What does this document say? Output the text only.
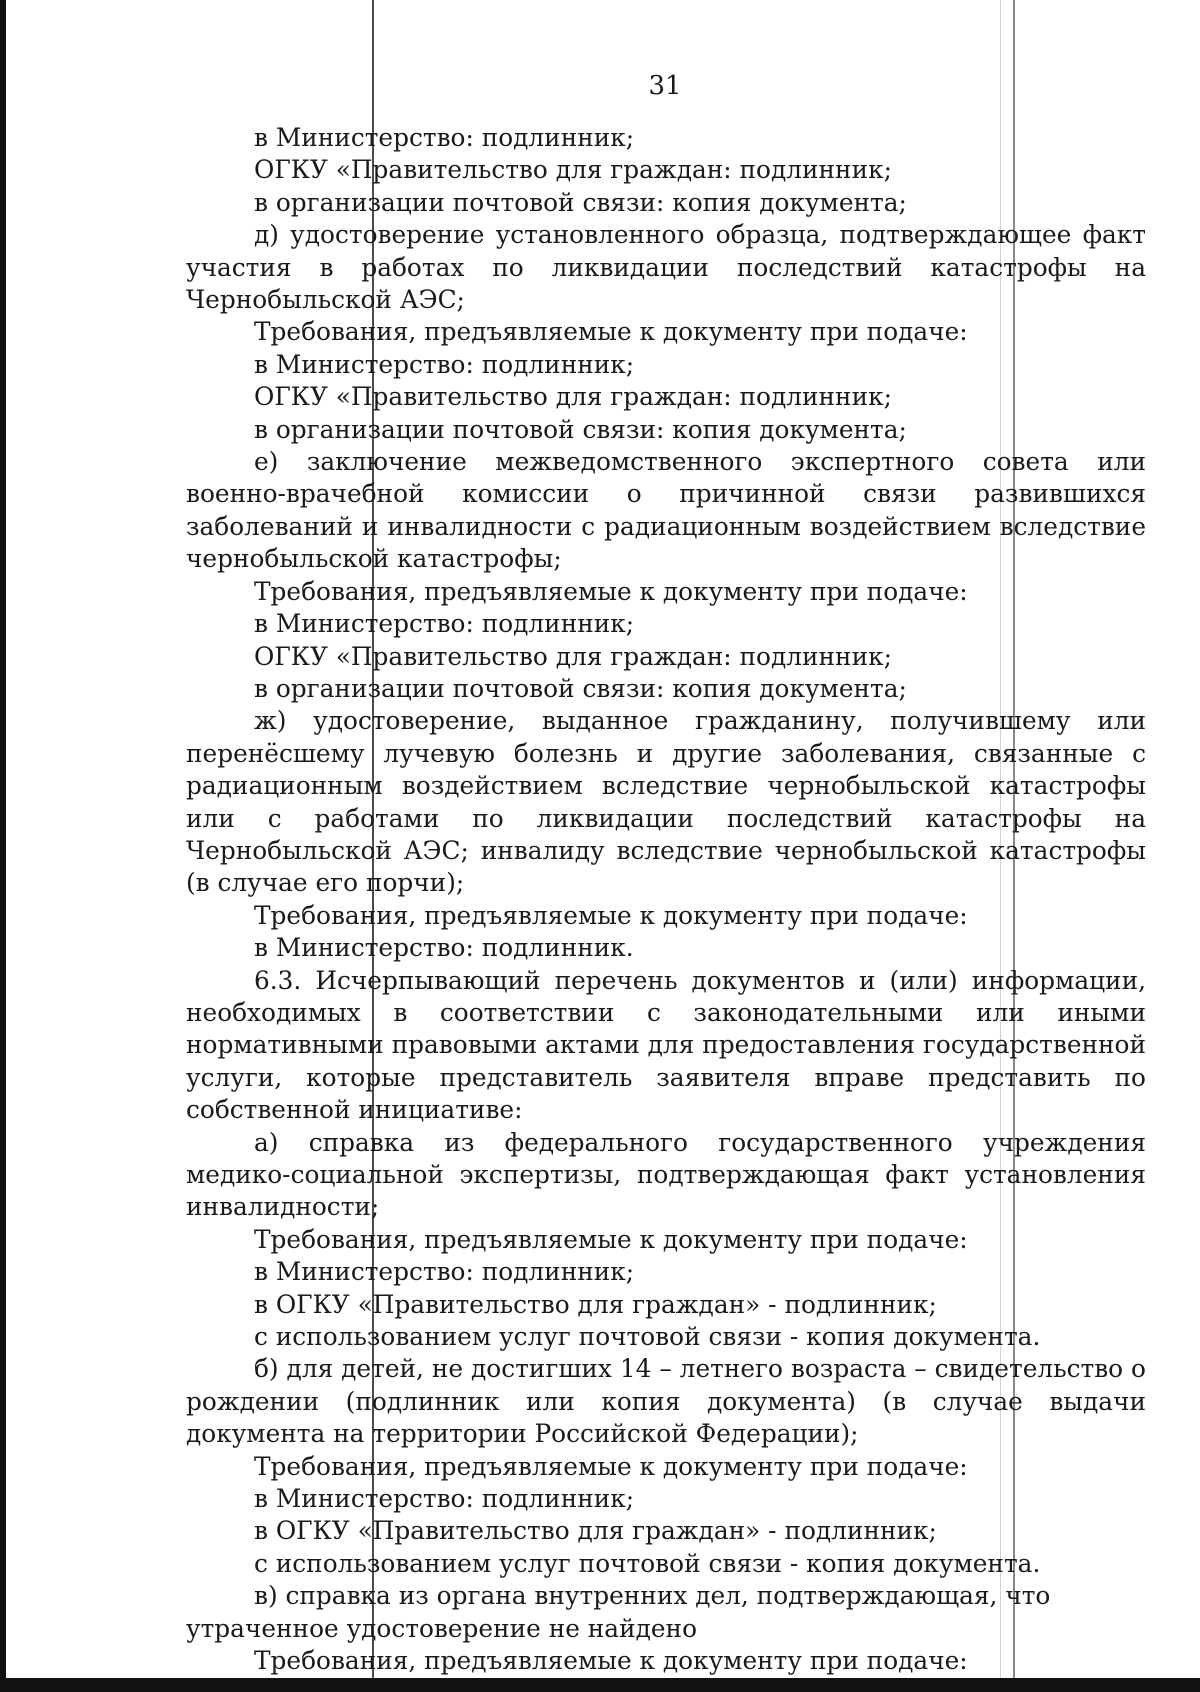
31

в Министерство: подлинник;

ОГКУ «Правительство для граждан: подлинник;

в организации почтовой связи: копия документа;

д) удостоверение установленного образца, подтверждающее факт участия в работах по ликвидации последствий катастрофы на Чернобыльской АЭС;

Требования, предъявляемые к документу при подаче:

в Министерство: подлинник;

ОГКУ «Правительство для граждан: подлинник;

в организации почтовой связи: копия документа;

е) заключение межведомственного экспертного совета или военно-врачебной комиссии о причинной связи развившихся заболеваний и инвалидности с радиационным воздействием вследствие чернобыльской катастрофы;

Требования, предъявляемые к документу при подаче:

в Министерство: подлинник;

ОГКУ «Правительство для граждан: подлинник;

в организации почтовой связи: копия документа;

ж) удостоверение, выданное гражданину, получившему или перенёсшему лучевую болезнь и другие заболевания, связанные с радиационным воздействием вследствие чернобыльской катастрофы или с работами по ликвидации последствий катастрофы на Чернобыльской АЭС; инвалиду вследствие чернобыльской катастрофы (в случае его порчи);

Требования, предъявляемые к документу при подаче:

в Министерство: подлинник.

6.3. Исчерпывающий перечень документов и (или) информации, необходимых в соответствии с законодательными или иными нормативными правовыми актами для предоставления государственной услуги, которые представитель заявителя вправе представить по собственной инициативе:

а) справка из федерального государственного учреждения медико-социальной экспертизы, подтверждающая факт установления инвалидности;

Требования, предъявляемые к документу при подаче:

в Министерство: подлинник;

в ОГКУ «Правительство для граждан» - подлинник;

с использованием услуг почтовой связи - копия документа.

б) для детей, не достигших 14 – летнего возраста – свидетельство о рождении (подлинник или копия документа) (в случае выдачи документа на территории Российской Федерации);

Требования, предъявляемые к документу при подаче:

в Министерство: подлинник;

в ОГКУ «Правительство для граждан» - подлинник;

с использованием услуг почтовой связи - копия документа.

в) справка из органа внутренних дел, подтверждающая, что утраченное удостоверение не найдено

Требования, предъявляемые к документу при подаче:
